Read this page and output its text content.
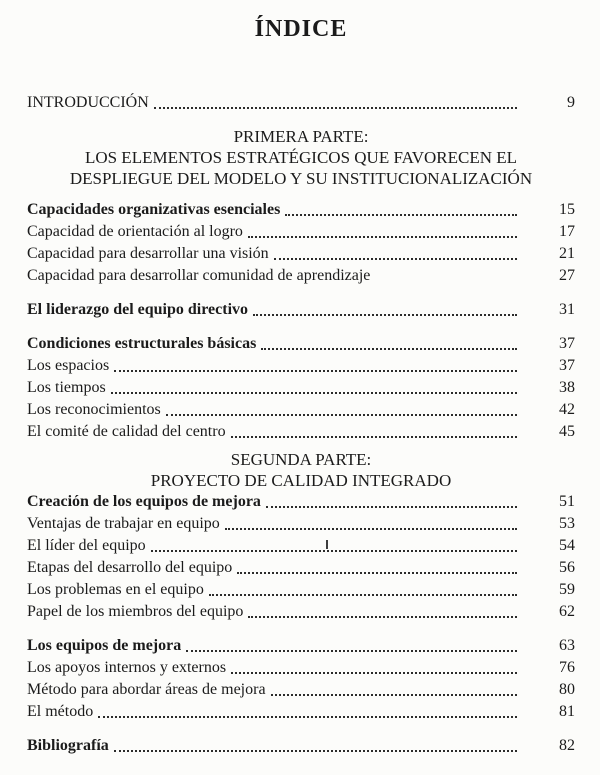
ÍNDICE
INTRODUCCIÓN	9
PRIMERA PARTE:
LOS ELEMENTOS ESTRATÉGICOS QUE FAVORECEN EL
DESPLIEGUE DEL MODELO Y SU INSTITUCIONALIZACIÓN
Capacidades organizativas esenciales	15
Capacidad de orientación al logro	17
Capacidad para desarrollar una visión	21
Capacidad para desarrollar comunidad de aprendizaje	27
El liderazgo del equipo directivo	31
Condiciones estructurales básicas	37
Los espacios	37
Los tiempos	38
Los reconocimientos	42
El comité de calidad del centro	45
SEGUNDA PARTE:
PROYECTO DE CALIDAD INTEGRADO
Creación de los equipos de mejora	51
Ventajas de trabajar en equipo	53
El líder del equipo	54
Etapas del desarrollo del equipo	56
Los problemas en el equipo	59
Papel de los miembros del equipo	62
Los equipos de mejora	63
Los apoyos internos y externos	76
Método para abordar áreas de mejora	80
El método	81
Bibliografía	82
